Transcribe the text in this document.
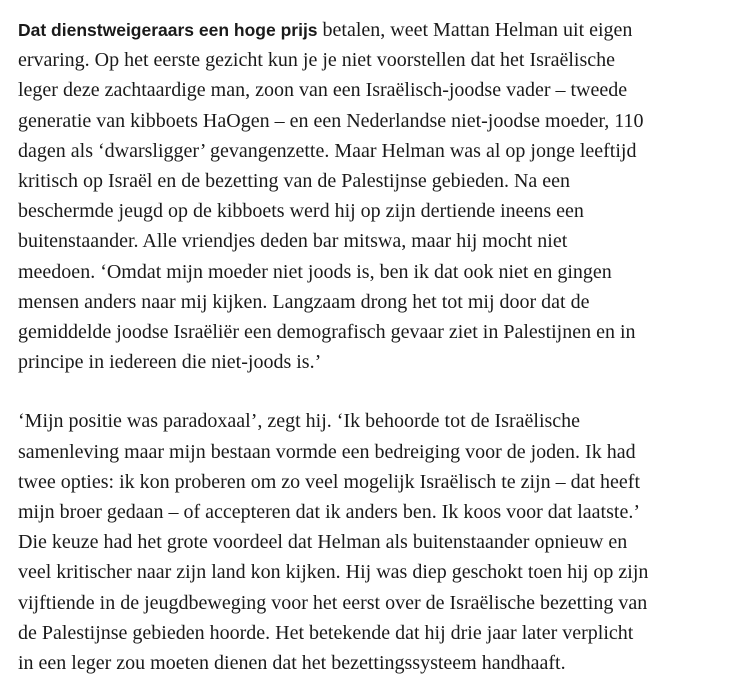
Dat dienstweigeraars een hoge prijs betalen, weet Mattan Helman uit eigen
ervaring. Op het eerste gezicht kun je je niet voorstellen dat het Israëlische
leger deze zachtaardige man, zoon van een Israëlisch-joodse vader – tweede
generatie van kibboets HaOgen – en een Nederlandse niet-joodse moeder, 110
dagen als ‘dwarsligger’ gevangenzette. Maar Helman was al op jonge leeftijd
kritisch op Israël en de bezetting van de Palestijnse gebieden. Na een
beschermde jeugd op de kibboets werd hij op zijn dertiende ineens een
buitenstaander. Alle vriendjes deden bar mitswa, maar hij mocht niet
meedoen. ‘Omdat mijn moeder niet joods is, ben ik dat ook niet en gingen
mensen anders naar mij kijken. Langzaam drong het tot mij door dat de
gemiddelde joodse Israëliër een demografisch gevaar ziet in Palestijnen en in
principe in iedereen die niet-joods is.’

‘Mijn positie was paradoxaal’, zegt hij. ‘Ik behoorde tot de Israëlische
samenleving maar mijn bestaan vormde een bedreiging voor de joden. Ik had
twee opties: ik kon proberen om zo veel mogelijk Israëlisch te zijn – dat heeft
mijn broer gedaan – of accepteren dat ik anders ben. Ik koos voor dat laatste.’
Die keuze had het grote voordeel dat Helman als buitenstaander opnieuw en
veel kritischer naar zijn land kon kijken. Hij was diep geschokt toen hij op zijn
vijftiende in de jeugdbeweging voor het eerst over de Israëlische bezetting van
de Palestijnse gebieden hoorde. Het betekende dat hij drie jaar later verplicht
in een leger zou moeten dienen dat het bezettingssysteem handhaaft.
